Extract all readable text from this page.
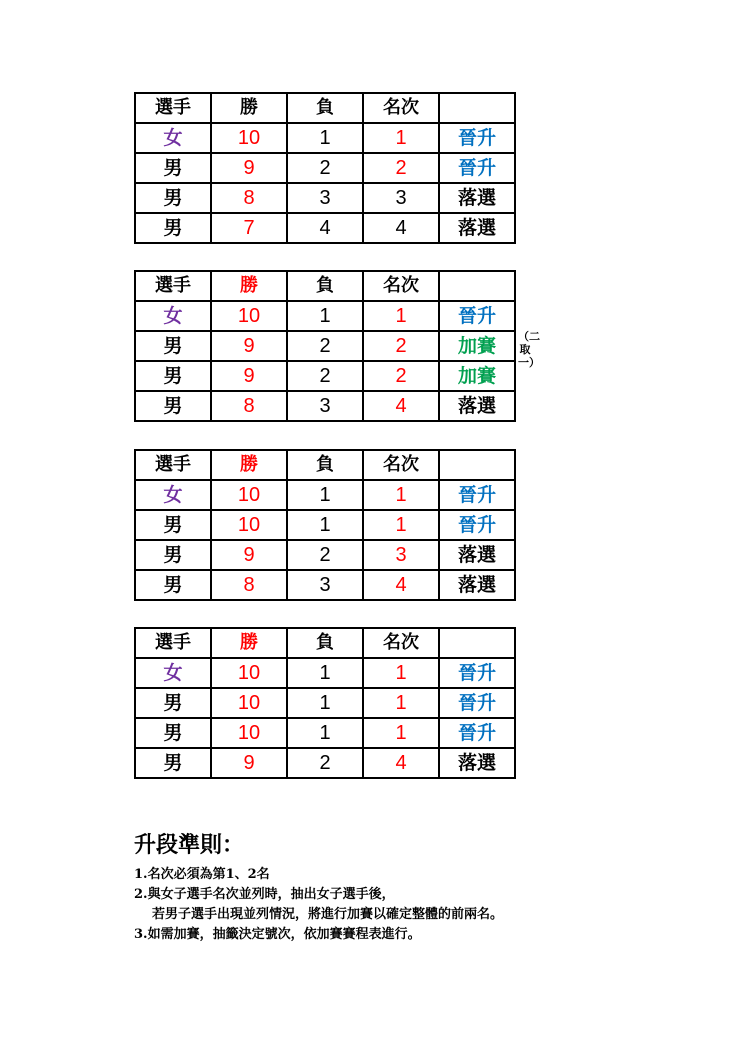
選手	勝	負	名次	
女	10	1	1	晉升
男	9	2	2	晉升
男	8	3	3	落選
男	7	4	4	落選
選手	勝	負	名次	
女	10	1	1	晉升
男	9	2	2	加賽
男	9	2	2	加賽
男	8	3	4	落選
選手	勝	負	名次	
女	10	1	1	晉升
男	10	1	1	晉升
男	9	2	3	落選
男	8	3	4	落選
選手	勝	負	名次	
女	10	1	1	晉升
男	10	1	1	晉升
男	10	1	1	晉升
男	9	2	4	落選
（二取一）
升段準則：

1.名次必須為第1、2名

2.與女子選手名次並列時，抽出女子選手後，

若男子選手出現並列情況，將進行加賽以確定整體的前兩名。

3.如需加賽，抽籤決定號次，依加賽賽程表進行。
